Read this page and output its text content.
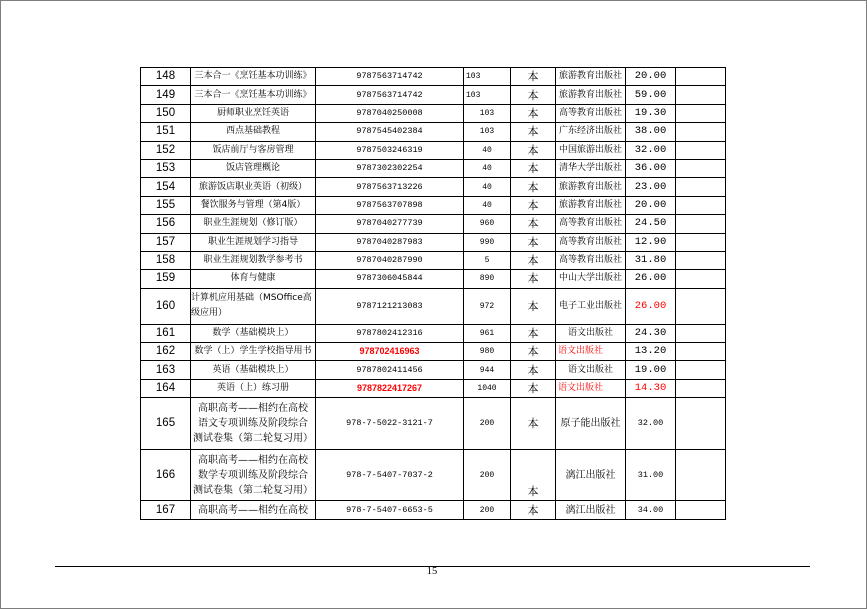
148	三本合一《烹饪基本功训练》	9787563714742	103	本	旅游教育出版社	20.00	
149	三本合一《烹饪基本功训练》	9787563714742	103	本	旅游教育出版社	59.00	
150	厨师职业烹饪英语	9787040250008	103	本	高等教育出版社	19.30	
151	西点基础教程	9787545402384	103	本	广东经济出版社	38.00	
152	饭店前厅与客房管理	9787503246319	40	本	中国旅游出版社	32.00	
153	饭店管理概论	9787302302254	40	本	清华大学出版社	36.00	
154	旅游饭店职业英语（初级）	9787563713226	40	本	旅游教育出版社	23.00	
155	餐饮服务与管理（第4版）	9787563707898	40	本	旅游教育出版社	20.00	
156	职业生涯规划（修订版）	9787040277739	960	本	高等教育出版社	24.50	
157	职业生涯规划学习指导	9787040287983	990	本	高等教育出版社	12.90	
158	职业生涯规划教学参考书	9787040287990	5	本	高等教育出版社	31.80	
159	体育与健康	9787306045844	890	本	中山大学出版社	26.00	
160	计算机应用基础（MSOffice高
级应用）	9787121213083	972	本	电子工业出版社	26.00	
161	数学（基础模块上）	9787802412316	961	本	语文出版社	24.30	
162	数学（上）学生学校指导用书	978702416963	980	本	语文出版社	13.20	
163	英语（基础模块上）	9787802411456	944	本	语文出版社	19.00	
164	英语（上）练习册	9787822417267	1040	本	语文出版社	14.30	
165	高职高考——相约在高校
语文专项训练及阶段综合
测试卷集（第二轮复习用）	978-7-5022-3121-7	200	本	原子能出版社	32.00	
166	高职高考——相约在高校
数学专项训练及阶段综合
测试卷集（第二轮复习用）	978-7-5407-7037-2	200	本	漓江出版社	31.00	
167	高职高考——相约在高校	978-7-5407-6653-5	200	本	漓江出版社	34.00	
15
